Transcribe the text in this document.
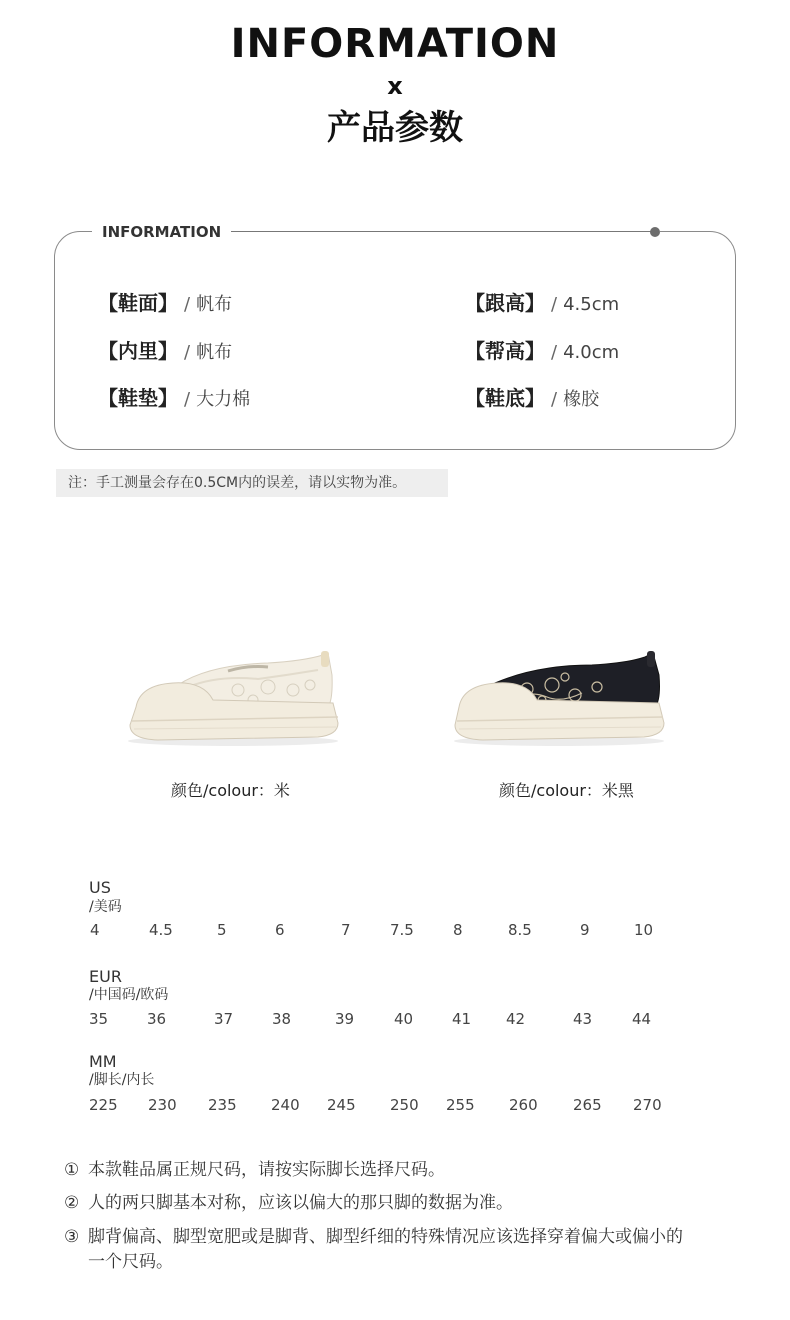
INFORMATION
x
产品参数
INFORMATION
【鞋面】 / 帆布
【内里】 / 帆布
【鞋垫】 / 大力棉
【跟高】 / 4.5cm
【帮高】 / 4.0cm
【鞋底】 / 橡胶
注：手工测量会存在0.5CM内的误差，请以实物为准。
颜色/colour：米	颜色/colour：米黑
US
/美码
4	4.5	5	6	7	7.5	8	8.5	9	10
EUR
/中国码/欧码
35	36	37	38	39	40	41 42	43	44
MM
/脚长/内长
225 230 235 240 245 250 255 260 265 270
① 本款鞋品属正规尺码，请按实际脚长选择尺码。
② 人的两只脚基本对称，应该以偏大的那只脚的数据为准。
③ 脚背偏高、脚型宽肥或是脚背、脚型纤细的特殊情况应该选择穿着偏大或偏小的
一个尺码。
